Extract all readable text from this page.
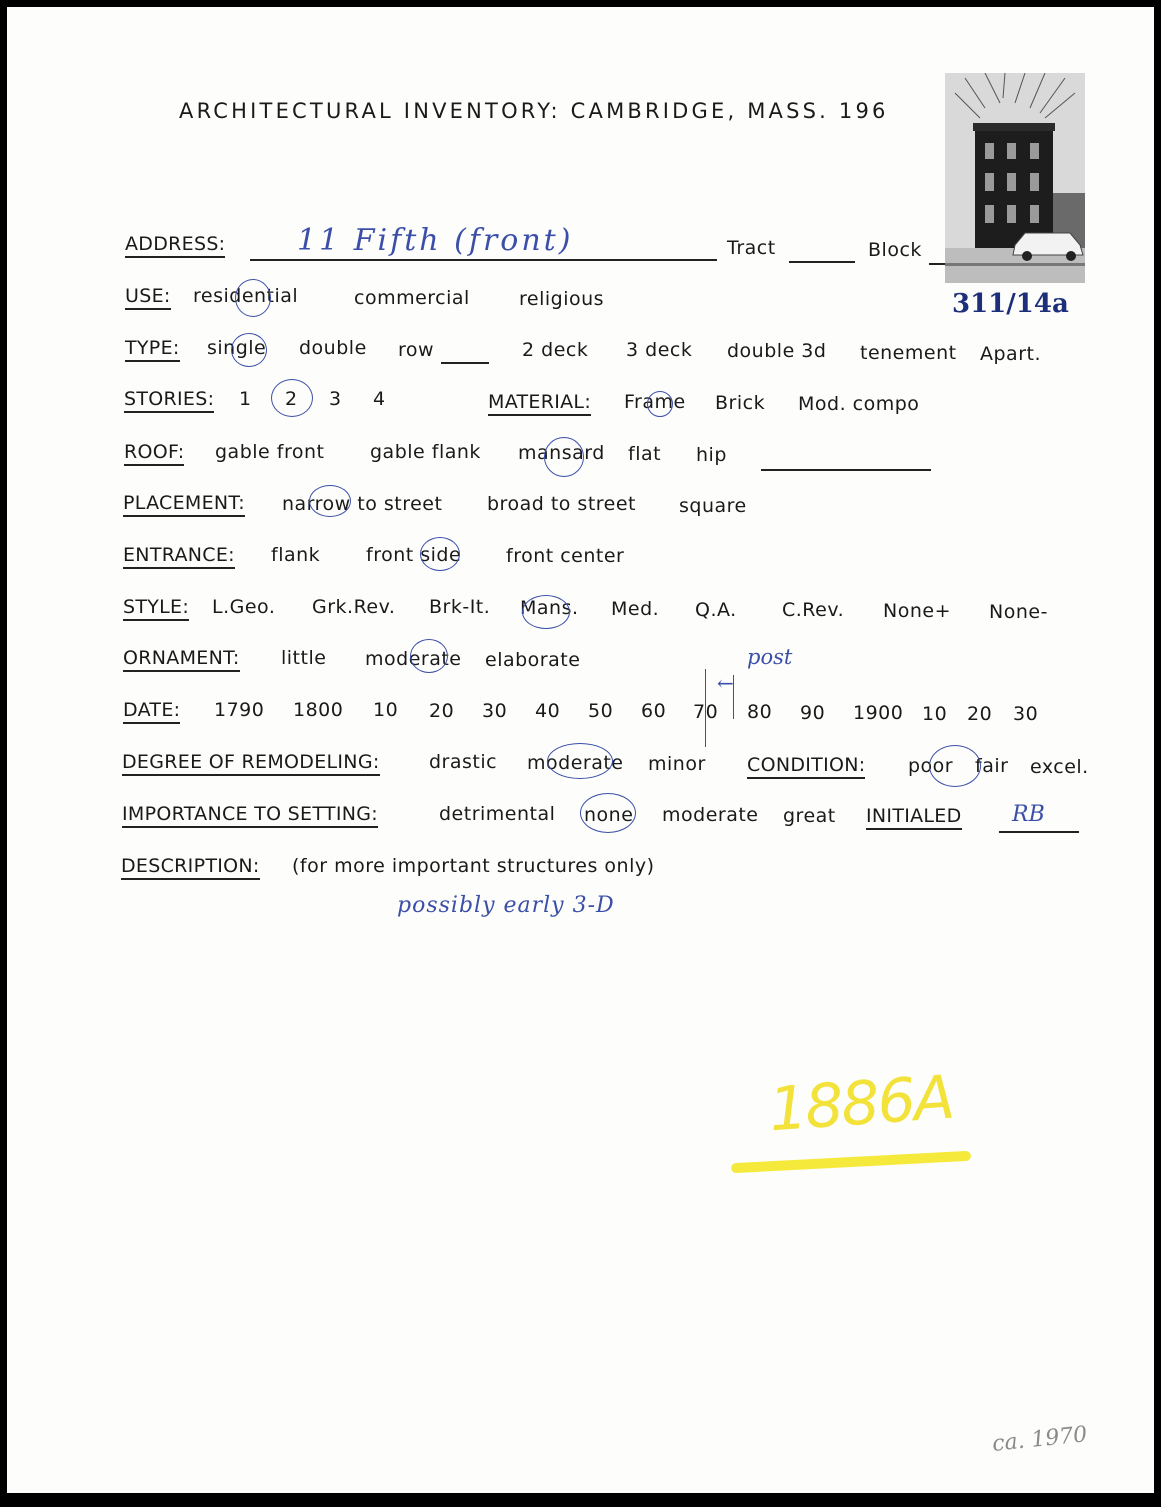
ARCHITECTURAL INVENTORY: CAMBRIDGE, MASS. 196
ADDRESS: 11 Fifth (front)	Tract	Block
311/14a
USE: residential	commercial	religious
TYPE: single double row	2 deck 3 deck double 3d tenement Apart.
STORIES: 1 2 3 4	MATERIAL: Frame Brick Mod. compo
ROOF: gable front gable flank mansard flat hip
PLACEMENT: narrow to street broad to street square
ENTRANCE: flank front side front center
STYLE: L.Geo. Grk.Rev. Brk-It. Mans. Med. Q.A. C.Rev. None+ None-
ORNAMENT: little moderate elaborate
DATE: 1790 1800 10 20 30 40 50 60 70 80 90 1900 10 20 30
←
post
DEGREE OF REMODELING:	drastic moderate minor CONDITION: poor fair excel.
IMPORTANCE TO SETTING:	detrimental none moderate great INITIALED RB
DESCRIPTION: (for more important structures only)
possibly early 3-D
1886A
ca. 1970
